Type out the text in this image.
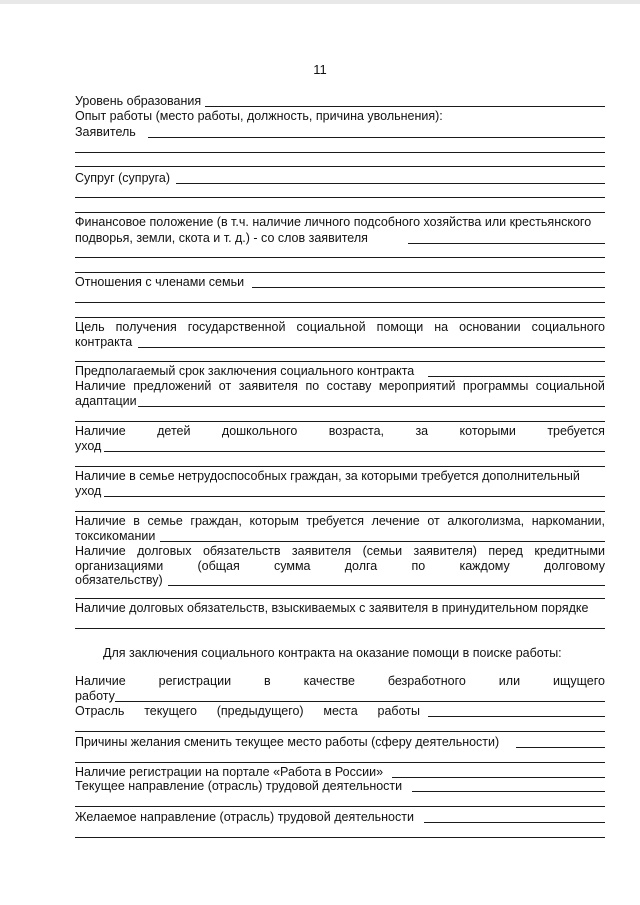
11
Уровень образования
Опыт работы (место работы, должность, причина увольнения):
Заявитель
Супруг (супруга)
Финансовое положение (в т.ч. наличие личного подсобного хозяйства или крестьянского
подворья, земли, скота и т. д.) - со слов заявителя
Отношения с членами семьи
Цель получения государственной социальной помощи на основании социального
контракта
Предполагаемый срок заключения социального контракта
Наличие предложений от заявителя по составу мероприятий программы социальной
адаптации
Наличие	детей	дошкольного	возраста,	за	которыми	требуется
уход
Наличие в семье нетрудоспособных граждан, за которыми требуется дополнительный
уход
Наличие в семье граждан, которым требуется лечение от алкоголизма, наркомании,
токсикомании
Наличие долговых обязательств заявителя (семьи заявителя) перед кредитными
организациями	(общая	сумма	долга	по	каждому	долговому
обязательству)
Наличие долговых обязательств, взыскиваемых с заявителя в принудительном порядке
Для заключения социального контракта на оказание помощи в поиске работы:
Наличие	регистрации	в	качестве	безработного	или	ищущего
работу
Отрасль текущего (предыдущего) места работы
Причины желания сменить текущее место работы (сферу деятельности)
Наличие регистрации на портале «Работа в России»
Текущее направление (отрасль) трудовой деятельности
Желаемое направление (отрасль) трудовой деятельности
